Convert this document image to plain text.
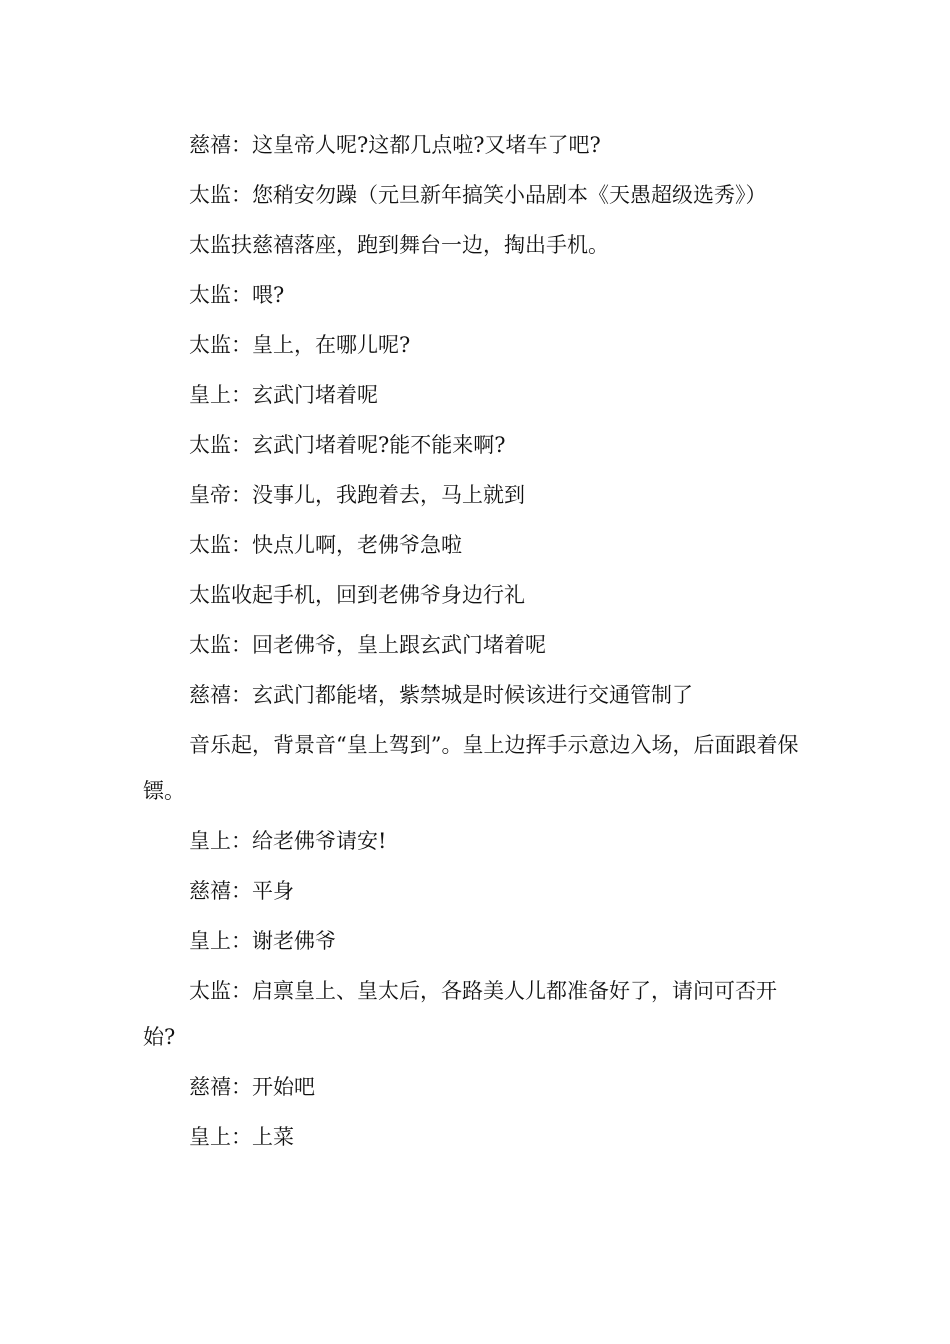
慈禧：这皇帝人呢?这都几点啦?又堵车了吧?

太监：您稍安勿躁（元旦新年搞笑小品剧本《天愚超级选秀》）

太监扶慈禧落座，跑到舞台一边，掏出手机。

太监：喂?

太监：皇上，在哪儿呢?

皇上：玄武门堵着呢

太监：玄武门堵着呢?能不能来啊?

皇帝：没事儿，我跑着去，马上就到

太监：快点儿啊，老佛爷急啦

太监收起手机，回到老佛爷身边行礼

太监：回老佛爷，皇上跟玄武门堵着呢

慈禧：玄武门都能堵，紫禁城是时候该进行交通管制了

音乐起，背景音“皇上驾到”。皇上边挥手示意边入场，后面跟着保镖。

皇上：给老佛爷请安!

慈禧：平身

皇上：谢老佛爷

太监：启禀皇上、皇太后，各路美人儿都准备好了，请问可否开始?

慈禧：开始吧

皇上：上菜
